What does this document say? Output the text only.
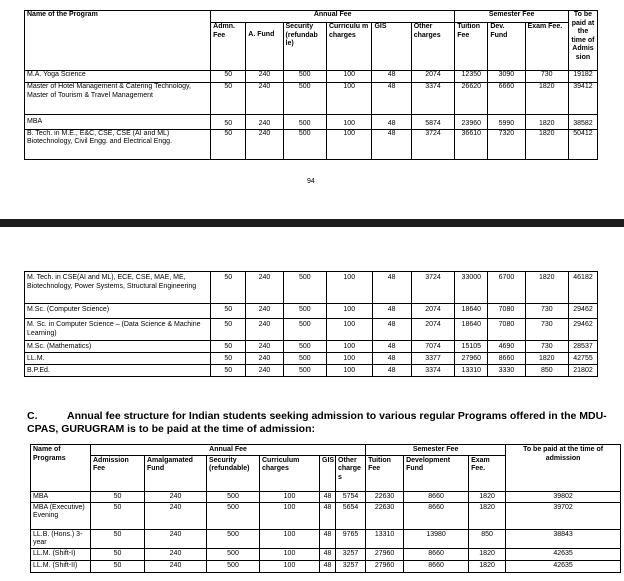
Name of the Program	Annual Fee						Semester Fee			To be paid at the time of Admis sion
	Admn. Fee	A. Fund	Security (refundab le)	Curriculu m charges	GIS	Other charges	Tuition Fee	Dev. Fund	Exam Fee.	
M.A. Yoga Science	50	240	500	100	48	2074	12350	3090	730	19182
Master of Hotel Management & Catering Technology, Master of Tourism & Travel Management	50	240	500	100	48	3374	26620	6660	1820	39412
MBA	50	240	500	100	48	5874	23960	5990	1820	38582
B. Tech. in M.E., E&C, CSE, CSE (AI and ML) Biotechnology, Civil Engg. and Electrical Engg.	50	240	500	100	48	3724	36610	7320	1820	50412
94
M. Tech. in CSE(AI and ML), ECE, CSE, MAE, ME, Biotechnology, Power Systems, Structural Engineering	50	240	500	100	48	3724	33000	6700	1820	46182
M.Sc. (Computer Science)	50	240	500	100	48	2074	18640	7080	730	29462
M. Sc. in Computer Science – (Data Science & Machine Learning)	50	240	500	100	48	2074	18640	7080	730	29462
M.Sc. (Mathematics)	50	240	500	100	48	7074	15105	4690	730	28537
LL.M.	50	240	500	100	48	3377	27960	8660	1820	42755
B.P.Ed.	50	240	500	100	48	3374	13310	3330	850	21802
C.	Annual fee structure for Indian students seeking admission to various regular Programs offered in the MDU-CPAS, GURUGRAM is to be paid at the time of admission:
Name of Programs	Annual Fee						Semester Fee			To be paid at the time of admission
	Admission Fee	Amalgamated Fund	Security (refundable)	Curriculum charges	GIS	Other charge s	Tuition Fee	Development Fund	Exam Fee.	
MBA	50	240	500	100	48	5754	22630	8660	1820	39802
MBA (Executive) Evening	50	240	500	100	48	5654	22630	8660	1820	39702
LL.B. (Hons.) 3-year	50	240	500	100	48	9765	13310	13980	850	38843
LL.M. (Shift-I)	50	240	500	100	48	3257	27960	8660	1820	42635
LL.M. (Shift-II)	50	240	500	100	48	3257	27960	8660	1820	42635
